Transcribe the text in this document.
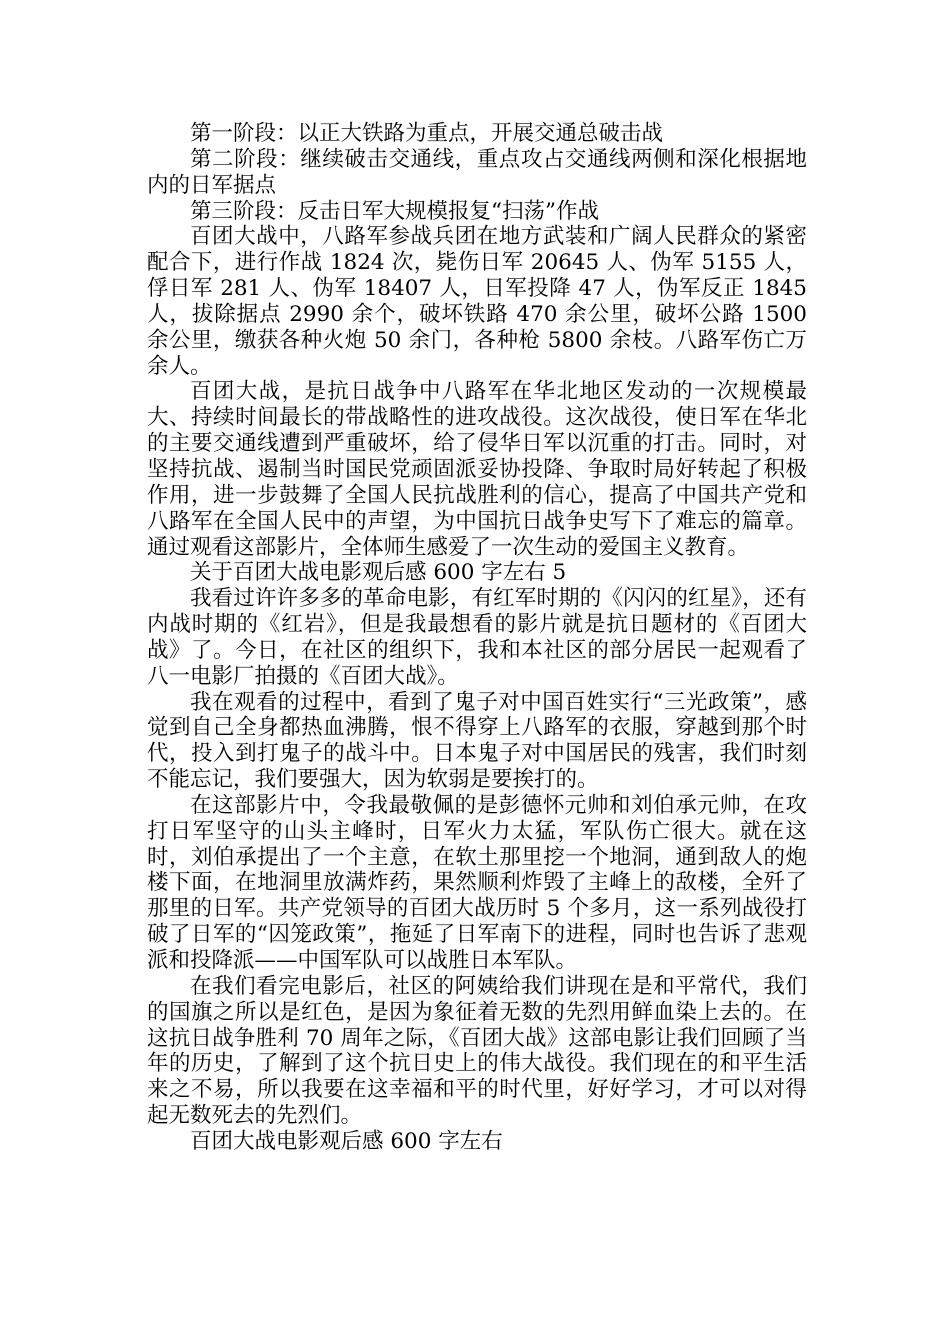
第一阶段：以正大铁路为重点，开展交通总破击战

第二阶段：继续破击交通线，重点攻占交通线两侧和深化根据地内的日军据点

第三阶段：反击日军大规模报复“扫荡”作战

百团大战中，八路军参战兵团在地方武装和广阔人民群众的紧密配合下，进行作战 1824 次，毙伤日军 20645 人、伪军 5155 人，俘日军 281 人、伪军 18407 人，日军投降 47 人，伪军反正 1845 人，拔除据点 2990 余个，破坏铁路 470 余公里，破坏公路 1500 余公里，缴获各种火炮 50 余门，各种枪 5800 余枝。八路军伤亡万余人。

百团大战，是抗日战争中八路军在华北地区发动的一次规模最大、持续时间最长的带战略性的进攻战役。这次战役，使日军在华北的主要交通线遭到严重破坏，给了侵华日军以沉重的打击。同时，对坚持抗战、遏制当时国民党顽固派妥协投降、争取时局好转起了积极作用，进一步鼓舞了全国人民抗战胜利的信心，提高了中国共产党和八路军在全国人民中的声望，为中国抗日战争史写下了难忘的篇章。通过观看这部影片，全体师生感爱了一次生动的爱国主义教育。

关于百团大战电影观后感 600 字左右 5

我看过许许多多的革命电影，有红军时期的《闪闪的红星》，还有内战时期的《红岩》，但是我最想看的影片就是抗日题材的《百团大战》了。今日，在社区的组织下，我和本社区的部分居民一起观看了八一电影厂拍摄的《百团大战》。

我在观看的过程中，看到了鬼子对中国百姓实行“三光政策”，感觉到自己全身都热血沸腾，恨不得穿上八路军的衣服，穿越到那个时代，投入到打鬼子的战斗中。日本鬼子对中国居民的残害，我们时刻不能忘记，我们要强大，因为软弱是要挨打的。

在这部影片中，令我最敬佩的是彭德怀元帅和刘伯承元帅，在攻打日军坚守的山头主峰时，日军火力太猛，军队伤亡很大。就在这时，刘伯承提出了一个主意，在软土那里挖一个地洞，通到敌人的炮楼下面，在地洞里放满炸药，果然顺利炸毁了主峰上的敌楼，全歼了那里的日军。共产党领导的百团大战历时 5 个多月，这一系列战役打破了日军的“囚笼政策”，拖延了日军南下的进程，同时也告诉了悲观派和投降派——中国军队可以战胜日本军队。

在我们看完电影后，社区的阿姨给我们讲现在是和平常代，我们的国旗之所以是红色，是因为象征着无数的先烈用鲜血染上去的。在这抗日战争胜利 70 周年之际，《百团大战》这部电影让我们回顾了当年的历史，了解到了这个抗日史上的伟大战役。我们现在的和平生活来之不易，所以我要在这幸福和平的时代里，好好学习，才可以对得起无数死去的先烈们。

百团大战电影观后感 600 字左右
